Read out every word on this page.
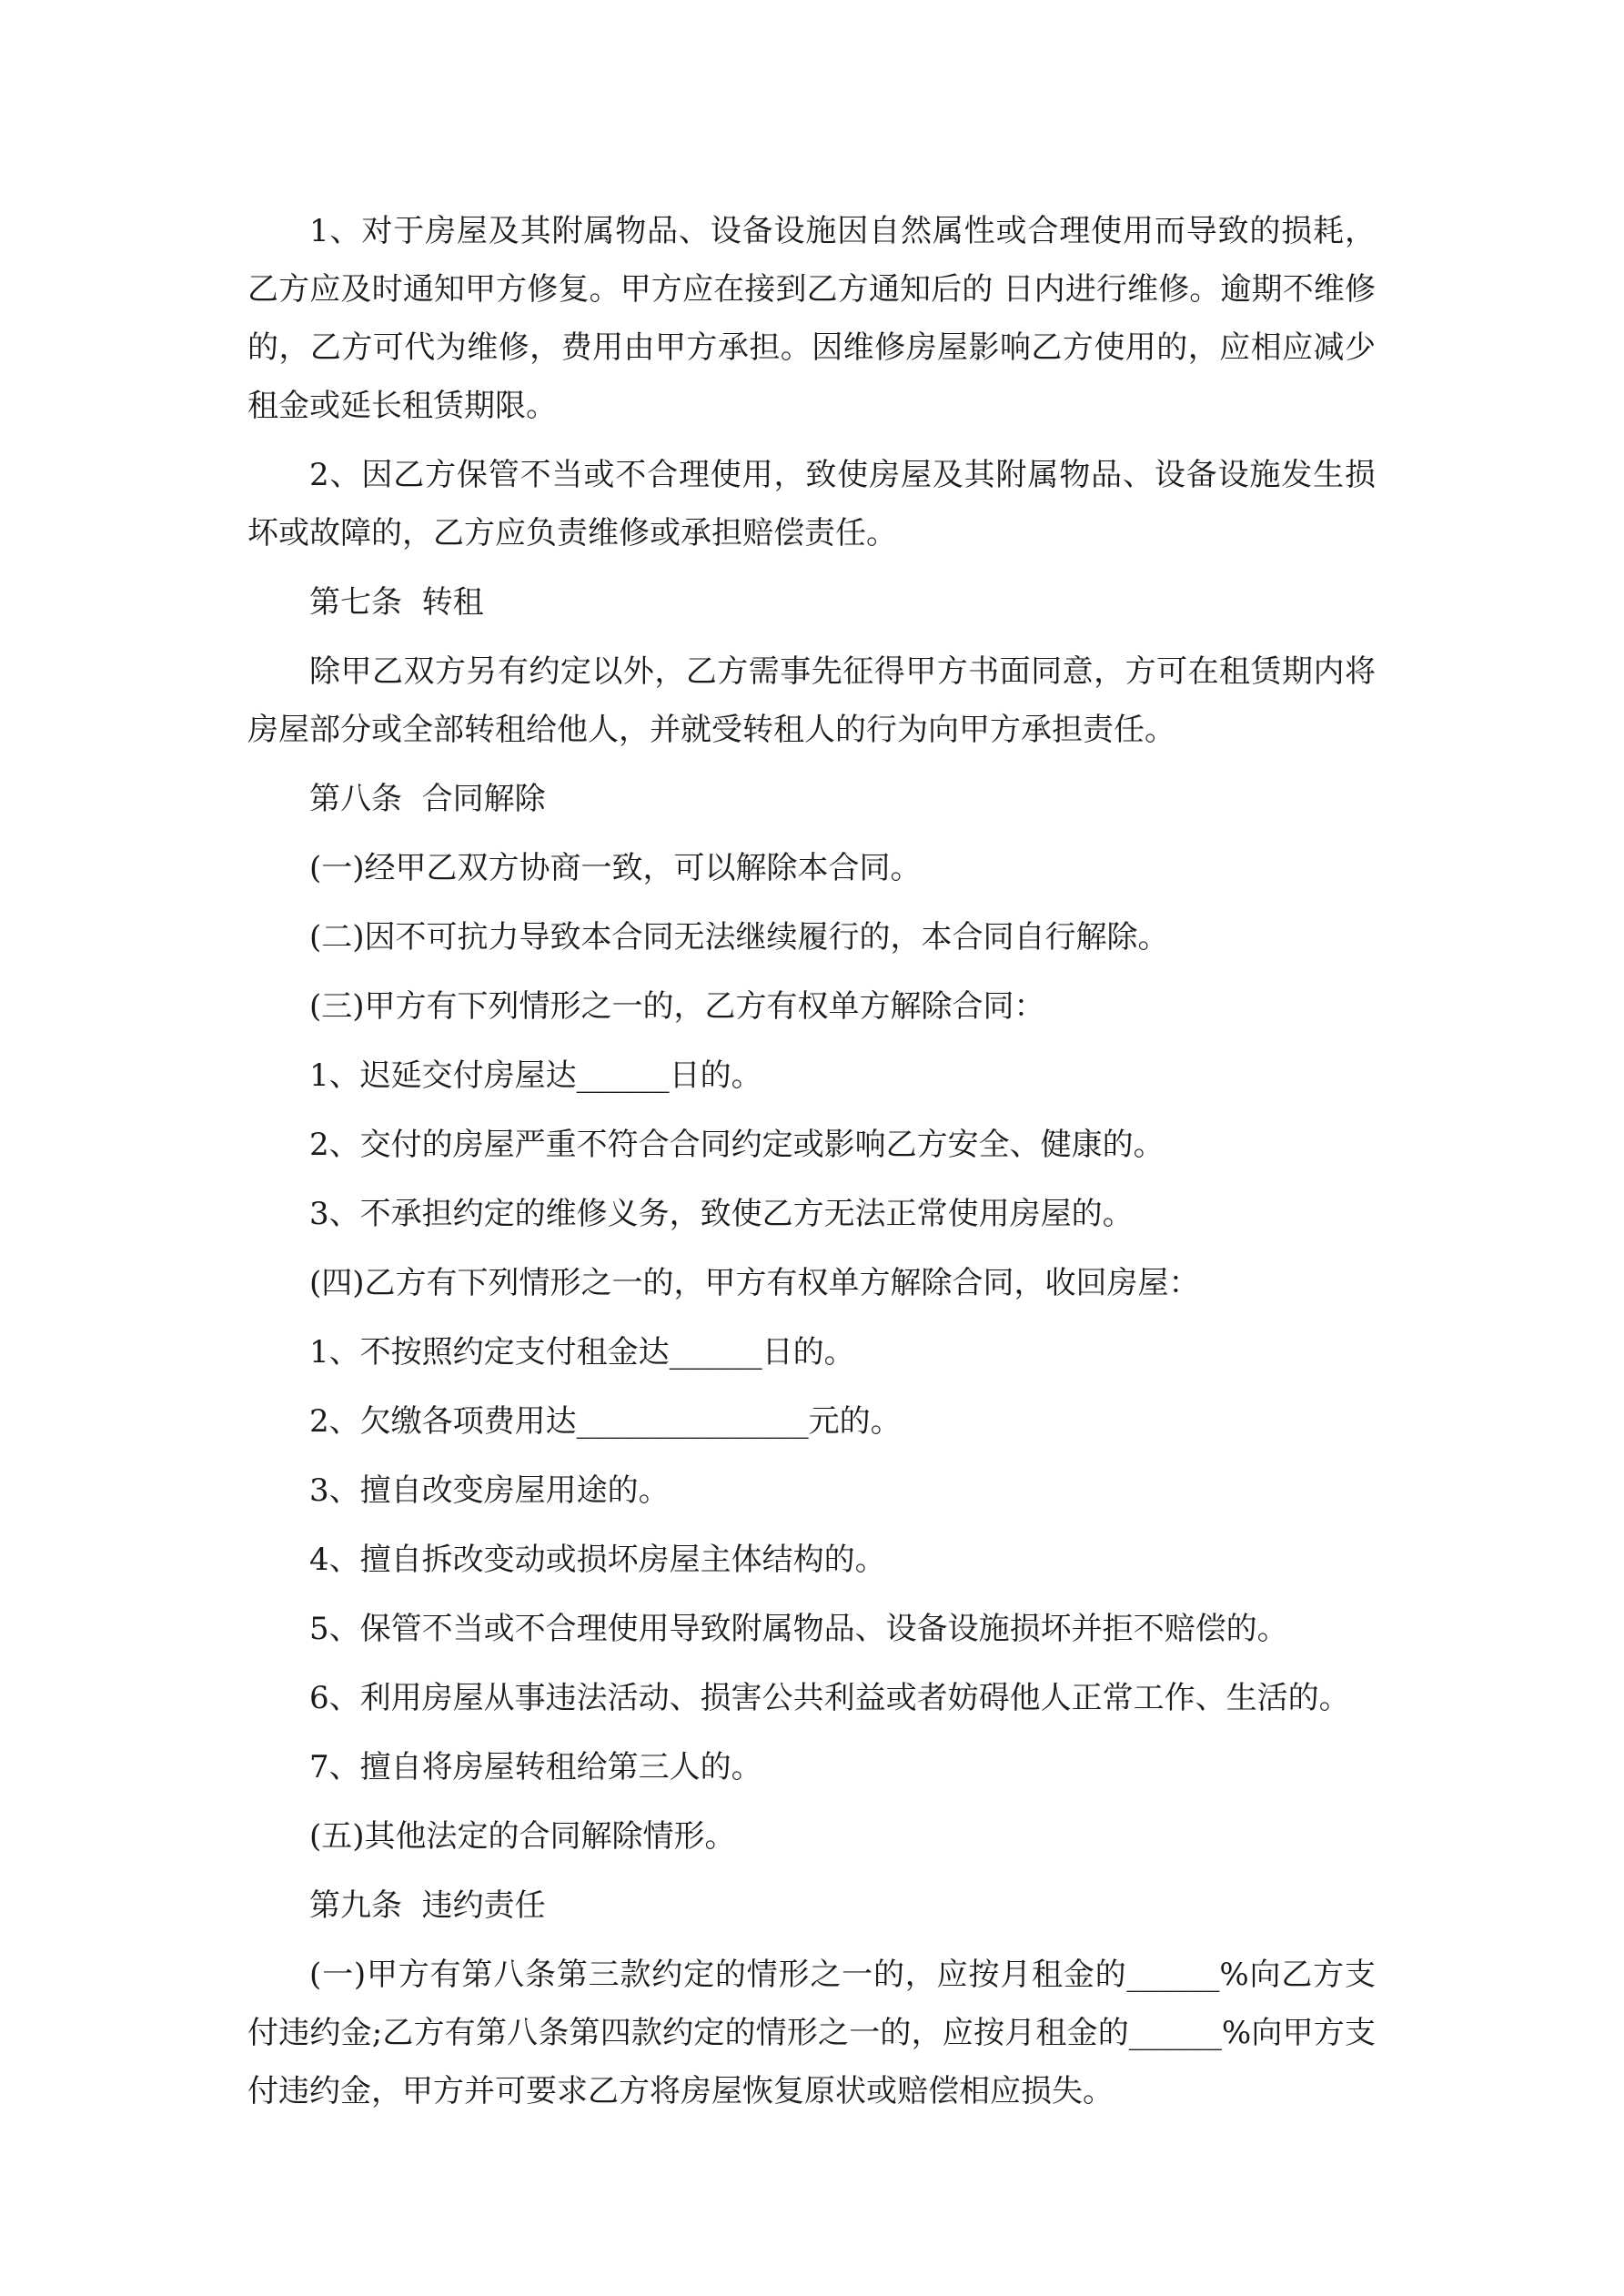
1、对于房屋及其附属物品、设备设施因自然属性或合理使用而导致的损耗，乙方应及时通知甲方修复。甲方应在接到乙方通知后的 日内进行维修。逾期不维修的，乙方可代为维修，费用由甲方承担。因维修房屋影响乙方使用的，应相应减少租金或延长租赁期限。

2、因乙方保管不当或不合理使用，致使房屋及其附属物品、设备设施发生损坏或故障的，乙方应负责维修或承担赔偿责任。

第七条  转租

除甲乙双方另有约定以外，乙方需事先征得甲方书面同意，方可在租赁期内将房屋部分或全部转租给他人，并就受转租人的行为向甲方承担责任。

第八条  合同解除

(一)经甲乙双方协商一致，可以解除本合同。

(二)因不可抗力导致本合同无法继续履行的，本合同自行解除。

(三)甲方有下列情形之一的，乙方有权单方解除合同：

1、迟延交付房屋达______日的。

2、交付的房屋严重不符合合同约定或影响乙方安全、健康的。

3、不承担约定的维修义务，致使乙方无法正常使用房屋的。

(四)乙方有下列情形之一的，甲方有权单方解除合同，收回房屋：

1、不按照约定支付租金达______日的。

2、欠缴各项费用达_______________元的。

3、擅自改变房屋用途的。

4、擅自拆改变动或损坏房屋主体结构的。

5、保管不当或不合理使用导致附属物品、设备设施损坏并拒不赔偿的。

6、利用房屋从事违法活动、损害公共利益或者妨碍他人正常工作、生活的。

7、擅自将房屋转租给第三人的。

(五)其他法定的合同解除情形。

第九条  违约责任

(一)甲方有第八条第三款约定的情形之一的，应按月租金的______%向乙方支付违约金;乙方有第八条第四款约定的情形之一的，应按月租金的______%向甲方支付违约金，甲方并可要求乙方将房屋恢复原状或赔偿相应损失。
